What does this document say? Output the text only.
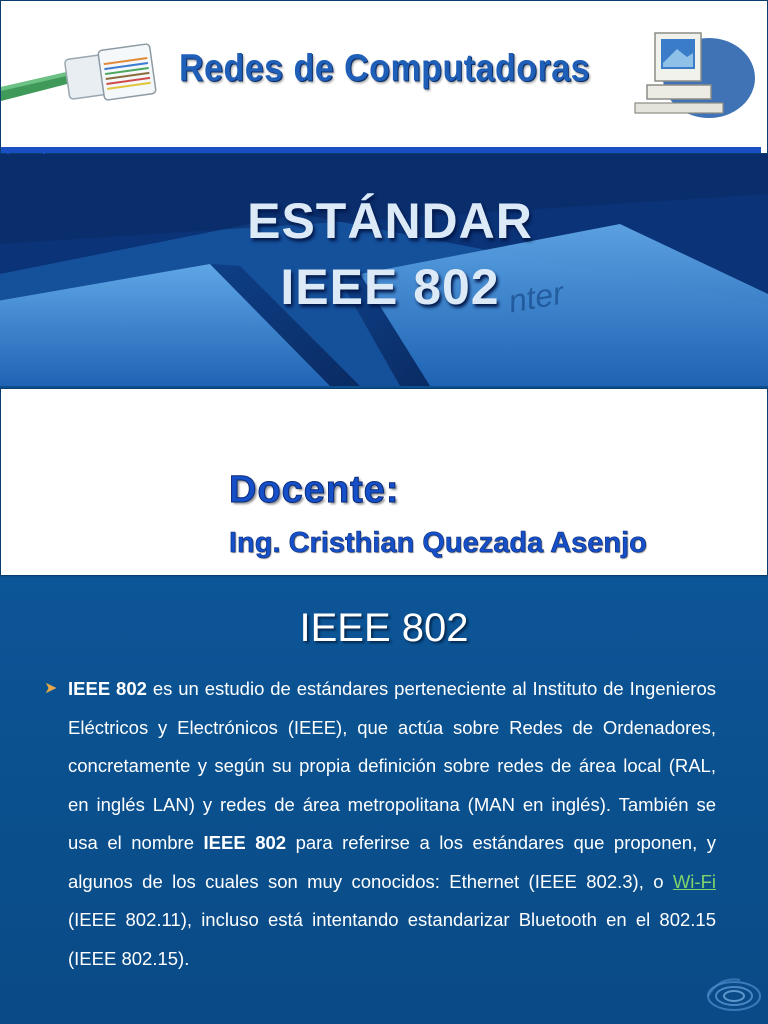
Redes de Computadoras
nter
ESTÁNDAR
IEEE 802
Docente:
Ing. Cristhian Quezada Asenjo
IEEE 802
➤ IEEE 802 es un estudio de estándares perteneciente al Instituto de Ingenieros Eléctricos y Electrónicos (IEEE), que actúa sobre Redes de Ordenadores, concretamente y según su propia definición sobre redes de área local (RAL, en inglés LAN) y redes de área metropolitana (MAN en inglés). También se usa el nombre IEEE 802 para referirse a los estándares que proponen, y algunos de los cuales son muy conocidos: Ethernet (IEEE 802.3), o Wi-Fi (IEEE 802.11), incluso está intentando estandarizar Bluetooth en el 802.15 (IEEE 802.15).
